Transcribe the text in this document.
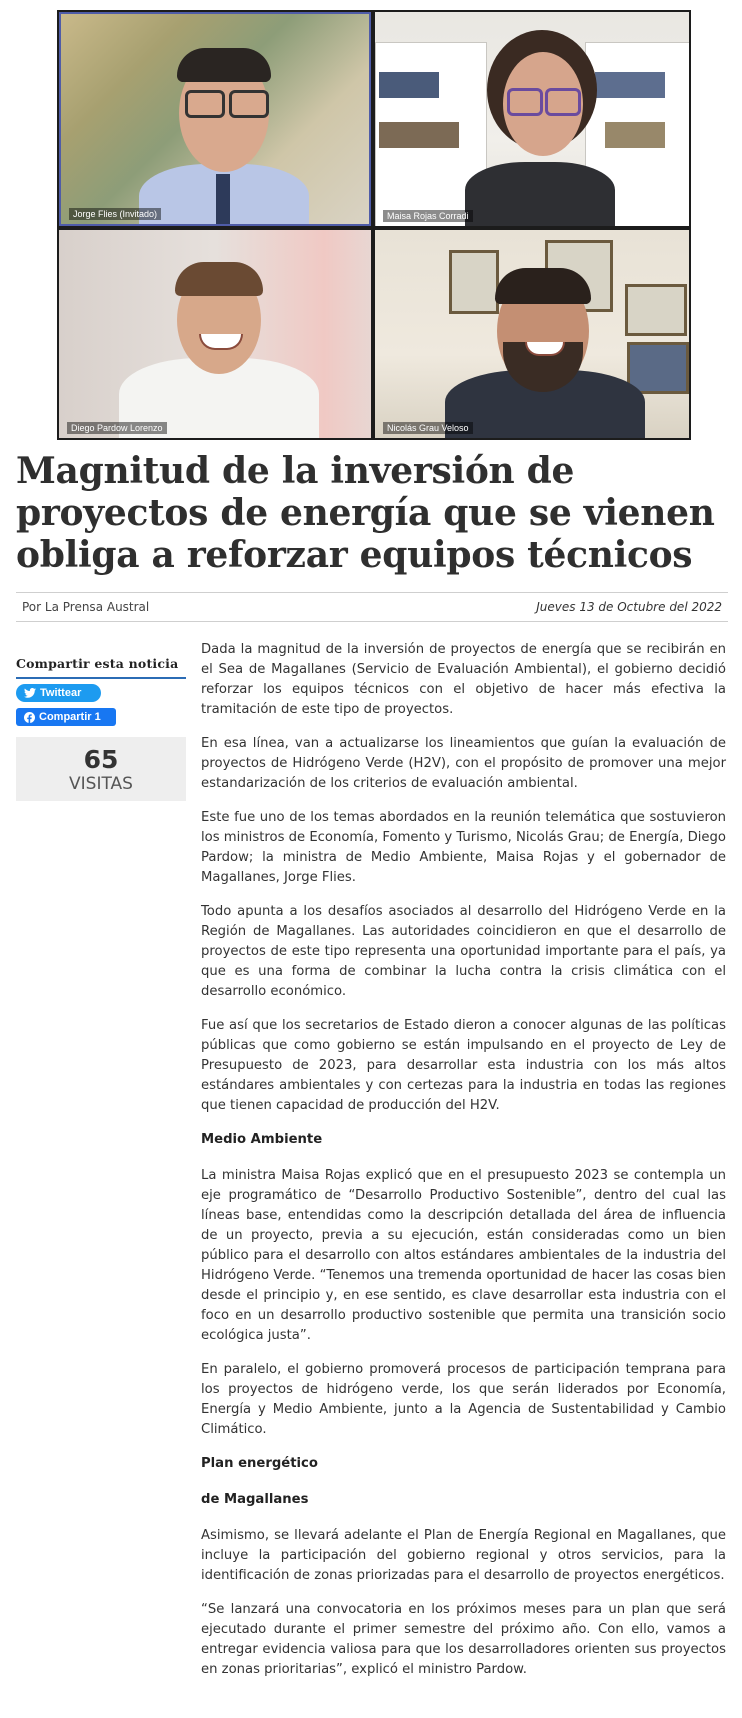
Jorge Flies (Invitado)	Maisa Rojas Corradi
Diego Pardow Lorenzo	Nicolás Grau Veloso
Magnitud de la inversión de proyectos de energía que se vienen obliga a reforzar equipos técnicos
Por La Prensa Austral	Jueves 13 de Octubre del 2022
Compartir esta noticia
Twittear
Compartir 1
65
VISITAS

Dada la magnitud de la inversión de proyectos de energía que se recibirán en el Sea de Magallanes (Servicio de Evaluación Ambiental), el gobierno decidió reforzar los equipos técnicos con el objetivo de hacer más efectiva la tramitación de este tipo de proyectos.

En esa línea, van a actualizarse los lineamientos que guían la evaluación de proyectos de Hidrógeno Verde (H2V), con el propósito de promover una mejor estandarización de los criterios de evaluación ambiental.

Este fue uno de los temas abordados en la reunión telemática que sostuvieron los ministros de Economía, Fomento y Turismo, Nicolás Grau; de Energía, Diego Pardow; la ministra de Medio Ambiente, Maisa Rojas y el gobernador de Magallanes, Jorge Flies.

Todo apunta a los desafíos asociados al desarrollo del Hidrógeno Verde en la Región de Magallanes. Las autoridades coincidieron en que el desarrollo de proyectos de este tipo representa una oportunidad importante para el país, ya que es una forma de combinar la lucha contra la crisis climática con el desarrollo económico.

Fue así que los secretarios de Estado dieron a conocer algunas de las políticas públicas que como gobierno se están impulsando en el proyecto de Ley de Presupuesto de 2023, para desarrollar esta industria con los más altos estándares ambientales y con certezas para la industria en todas las regiones que tienen capacidad de producción del H2V.

Medio Ambiente

La ministra Maisa Rojas explicó que en el presupuesto 2023 se contempla un eje programático de “Desarrollo Productivo Sostenible”, dentro del cual las líneas base, entendidas como la descripción detallada del área de influencia de un proyecto, previa a su ejecución, están consideradas como un bien público para el desarrollo con altos estándares ambientales de la industria del Hidrógeno Verde. “Tenemos una tremenda oportunidad de hacer las cosas bien desde el principio y, en ese sentido, es clave desarrollar esta industria con el foco en un desarrollo productivo sostenible que permita una transición socio ecológica justa”.

En paralelo, el gobierno promoverá procesos de participación temprana para los proyectos de hidrógeno verde, los que serán liderados por Economía, Energía y Medio Ambiente, junto a la Agencia de Sustentabilidad y Cambio Climático.

Plan energético
de Magallanes

Asimismo, se llevará adelante el Plan de Energía Regional en Magallanes, que incluye la participación del gobierno regional y otros servicios, para la identificación de zonas priorizadas para el desarrollo de proyectos energéticos.

“Se lanzará una convocatoria en los próximos meses para un plan que será ejecutado durante el primer semestre del próximo año. Con ello, vamos a entregar evidencia valiosa para que los desarrolladores orienten sus proyectos en zonas prioritarias”, explicó el ministro Pardow.
